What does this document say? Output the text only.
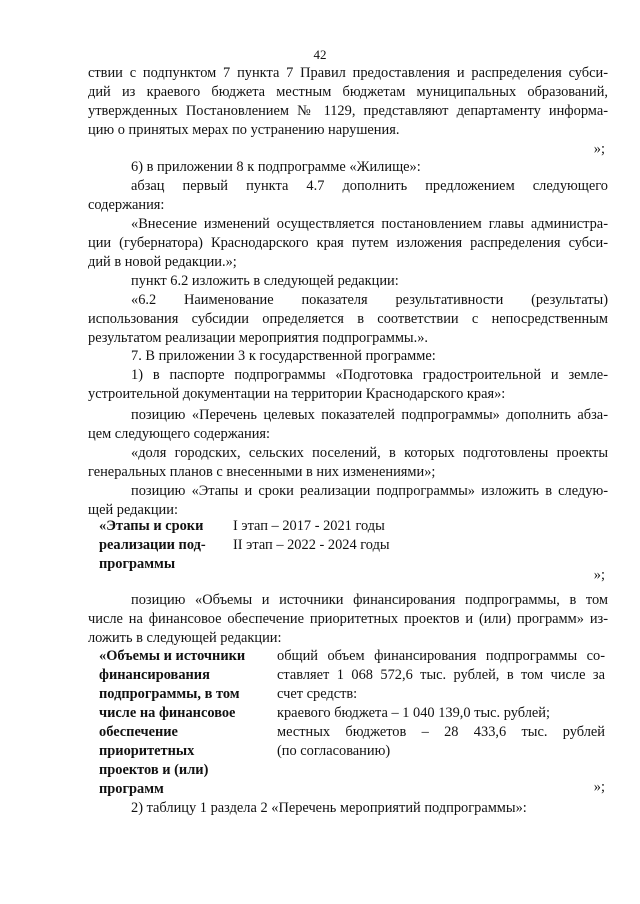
42
ствии с подпунктом 7 пункта 7 Правил предоставления и распределения субси-
дий из краевого бюджета местным бюджетам муниципальных образований,
утвержденных Постановлением № 1129, представляют департаменту информа-
цию о принятых мерах по устранению нарушения.
»;
6) в приложении 8 к подпрограмме «Жилище»:
абзац первый пункта 4.7 дополнить предложением следующего
содержания:
«Внесение изменений осуществляется постановлением главы администра-
ции (губернатора) Краснодарского края путем изложения распределения субси-
дий в новой редакции.»;
пункт 6.2 изложить в следующей редакции:
«6.2 Наименование показателя результативности (результаты)
использования субсидии определяется в соответствии с непосредственным
результатом реализации мероприятия подпрограммы.».
7. В приложении 3 к государственной программе:
1) в паспорте подпрограммы «Подготовка градостроительной и земле-
устроительной документации на территории Краснодарского края»:
позицию «Перечень целевых показателей подпрограммы» дополнить абза-
цем следующего содержания:
«доля городских, сельских поселений, в которых подготовлены проекты
генеральных планов с внесенными в них изменениями»;
позицию «Этапы и сроки реализации подпрограммы» изложить в следую-
щей редакции:
«Этапы и сроки
реализации под-
программы
I этап – 2017 - 2021 годы
II этап – 2022 - 2024 годы
»;
позицию «Объемы и источники финансирования подпрограммы, в том
числе на финансовое обеспечение приоритетных проектов и (или) программ» из-
ложить в следующей редакции:
«Объемы и источники
финансирования
подпрограммы, в том
числе на финансовое
обеспечение
приоритетных
проектов и (или)
программ
общий объем финансирования подпрограммы со-
ставляет 1 068 572,6 тыс. рублей, в том числе за
счет средств:
краевого бюджета – 1 040 139,0 тыс. рублей;
местных бюджетов – 28 433,6 тыс. рублей
(по согласованию)
»;
2) таблицу 1 раздела 2 «Перечень мероприятий подпрограммы»:
